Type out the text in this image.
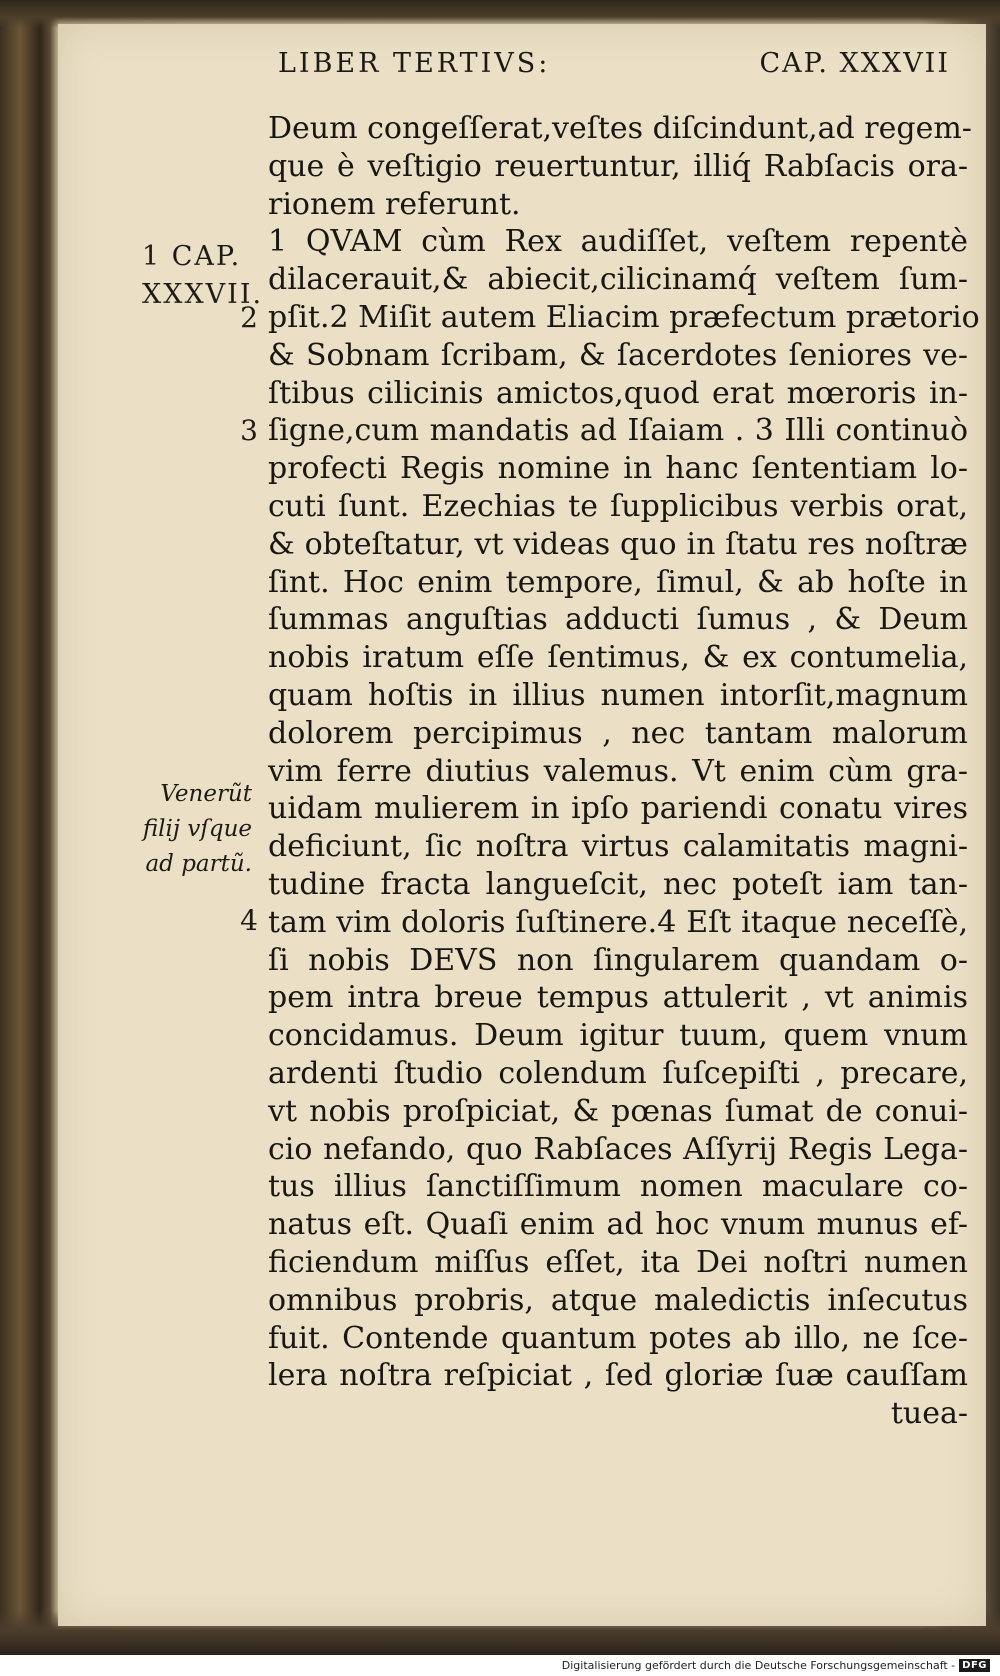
LIBER TERTIVS:	CAP. XXXVII
1 CAP.
XXXVII.
2
3
4
Venerũt
filij vſque
ad partũ.
Deum congeſſerat,veſtes diſcindunt,ad regem-
que è veſtigio reuertuntur, illiq́ Rabſacis ora-
rionem referunt.
1 QVAM cùm Rex audiſſet, veſtem repentè
dilacerauit,& abiecit,cilicinamq́ veſtem ſum-
pſit.2 Miſit autem Eliacim præfectum prætorio
& Sobnam ſcribam, & ſacerdotes ſeniores ve-
ſtibus cilicinis amictos,quod erat mœroris in-
ſigne,cum mandatis ad Iſaiam . 3 Illi continuò
profecti Regis nomine in hanc ſententiam lo-
cuti ſunt. Ezechias te ſupplicibus verbis orat,
& obteſtatur, vt videas quo in ſtatu res noſtræ
ſint. Hoc enim tempore, ſimul, & ab hoſte in
ſummas anguſtias adducti ſumus , & Deum
nobis iratum eſſe ſentimus, & ex contumelia,
quam hoſtis in illius numen intorſit,magnum
dolorem percipimus , nec tantam malorum
vim ferre diutius valemus. Vt enim cùm gra-
uidam mulierem in ipſo pariendi conatu vires
deficiunt, ſic noſtra virtus calamitatis magni-
tudine fracta langueſcit, nec poteſt iam tan-
tam vim doloris ſuſtinere.4 Eſt itaque neceſſè,
ſi nobis DEVS non ſingularem quandam o-
pem intra breue tempus attulerit , vt animis
concidamus. Deum igitur tuum, quem vnum
ardenti ſtudio colendum ſuſcepiſti , precare,
vt nobis proſpiciat, & pœnas ſumat de conui-
cio nefando, quo Rabſaces Aſſyrij Regis Lega-
tus illius ſanctiſſimum nomen maculare co-
natus eſt. Quaſi enim ad hoc vnum munus ef-
ficiendum miſſus eſſet, ita Dei noſtri numen
omnibus probris, atque maledictis inſecutus
fuit. Contende quantum potes ab illo, ne ſce-
lera noſtra reſpiciat , ſed gloriæ ſuæ cauſſam
tuea-
Digitalisierung gefördert durch die Deutsche Forschungsgemeinschaft - DFG
